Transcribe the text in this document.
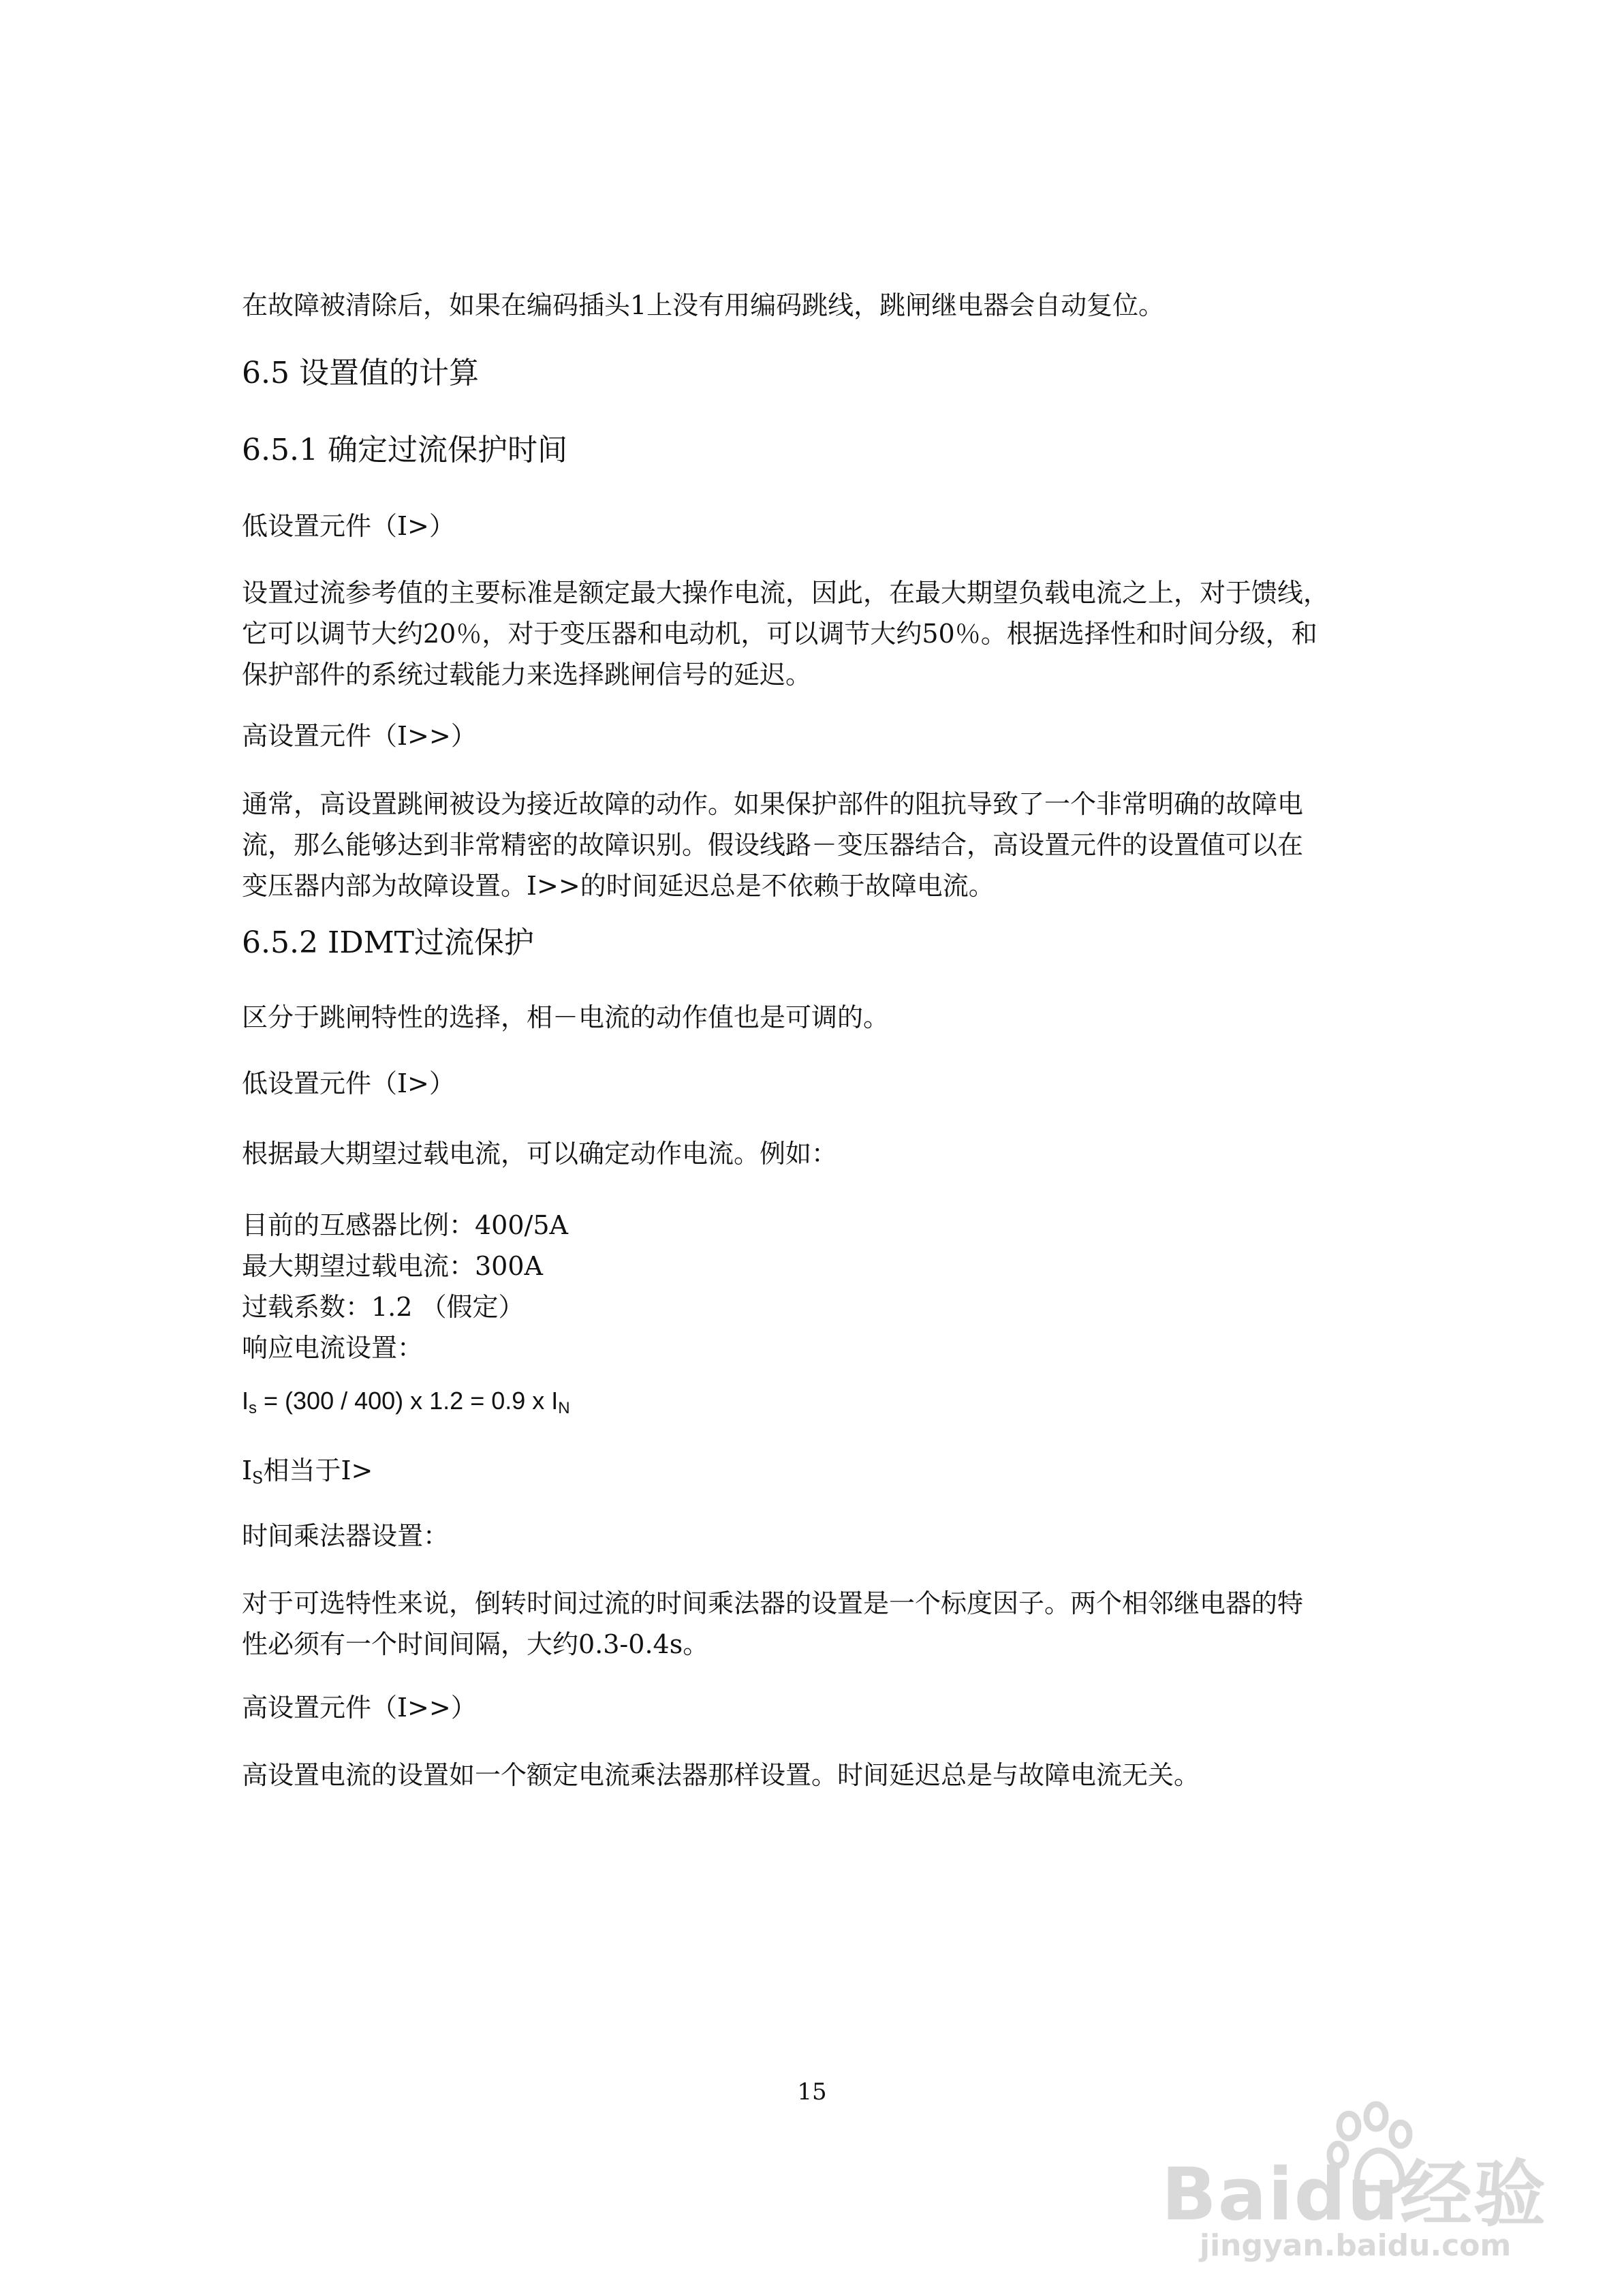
在故障被清除后，如果在编码插头1上没有用编码跳线，跳闸继电器会自动复位。

6.5 设置值的计算
6.5.1 确定过流保护时间

低设置元件（I>）

设置过流参考值的主要标准是额定最大操作电流，因此，在最大期望负载电流之上，对于馈线，
它可以调节大约20％，对于变压器和电动机，可以调节大约50％。根据选择性和时间分级，和
保护部件的系统过载能力来选择跳闸信号的延迟。

高设置元件（I>>）

通常，高设置跳闸被设为接近故障的动作。如果保护部件的阻抗导致了一个非常明确的故障电
流，那么能够达到非常精密的故障识别。假设线路－变压器结合，高设置元件的设置值可以在
变压器内部为故障设置。I>>的时间延迟总是不依赖于故障电流。
6.5.2 IDMT过流保护

区分于跳闸特性的选择，相－电流的动作值也是可调的。

低设置元件（I>）

根据最大期望过载电流，可以确定动作电流。例如：

目前的互感器比例：400/5A
最大期望过载电流：300A
过载系数：1.2 （假定）
响应电流设置：

$I_s = (300 / 400)$ x 1.2 = 0.9 x $I_N$

$I_S$相当于I>

时间乘法器设置：

对于可选特性来说，倒转时间过流的时间乘法器的设置是一个标度因子。两个相邻继电器的特
性必须有一个时间间隔，大约0.3-0.4s。

高设置元件（I>>）

高设置电流的设置如一个额定电流乘法器那样设置。时间延迟总是与故障电流无关。

15
Baidu经验
jingyan.baidu.com
